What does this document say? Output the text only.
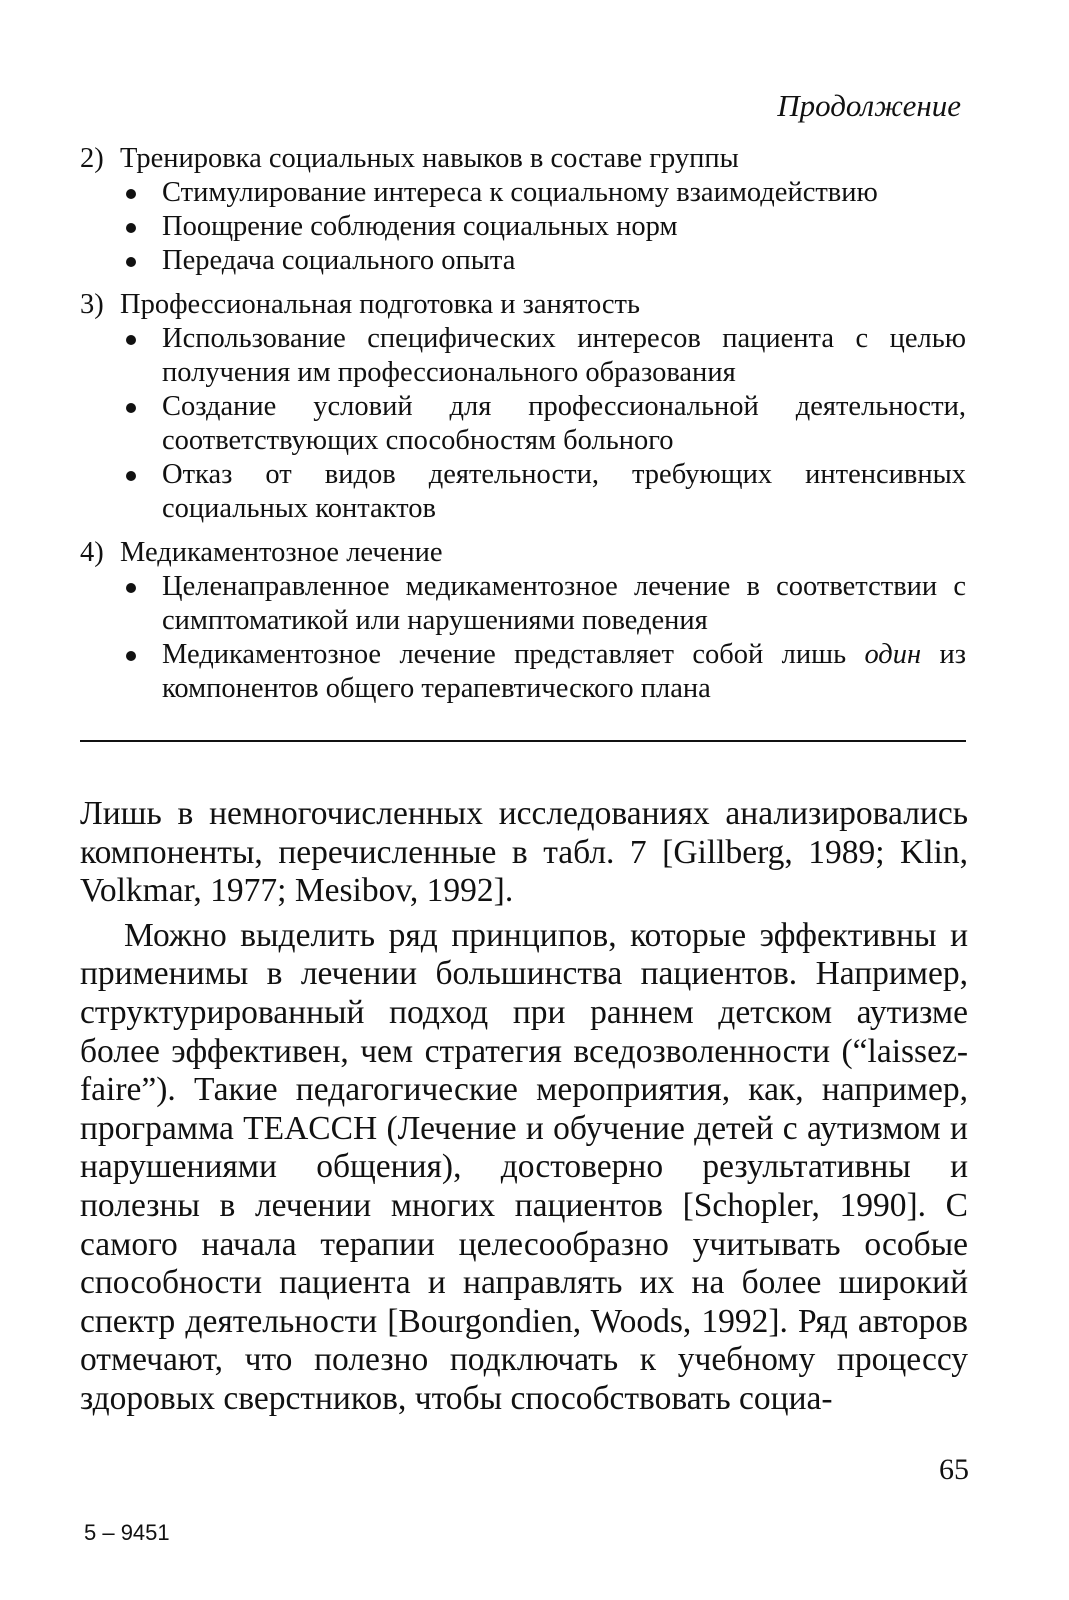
Продолжение
2) Тренировка социальных навыков в составе группы
Стимулирование интереса к социальному взаимодействию
Поощрение соблюдения социальных норм
Передача социального опыта
3) Профессиональная подготовка и занятость
Использование специфических интересов пациента с целью получения им профессионального образования
Создание условий для профессиональной деятельности, соответствующих способностям больного
Отказ от видов деятельности, требующих интенсивных социальных контактов
4) Медикаментозное лечение
Целенаправленное медикаментозное лечение в соответствии с симптоматикой или нарушениями поведения
Медикаментозное лечение представляет собой лишь один из компонентов общего терапевтического плана

Лишь в немногочисленных исследованиях анализировались компоненты, перечисленные в табл. 7 [Gillberg, 1989; Klin, Volkmar, 1977; Mesibov, 1992].

Можно выделить ряд принципов, которые эффективны и применимы в лечении большинства пациентов. Например, структурированный подход при раннем детском аутизме более эффективен, чем стратегия вседозволенности (“laissez-faire”). Такие педагогические мероприятия, как, например, программа TEACCH (Лечение и обучение детей с аутизмом и нарушениями общения), достоверно результативны и полезны в лечении многих пациентов [Schopler, 1990]. С самого начала терапии целесообразно учитывать особые способности пациента и направлять их на более широкий спектр деятельности [Bourgondien, Woods, 1992]. Ряд авторов отмечают, что полезно подключать к учебному процессу здоровых сверстников, чтобы способствовать социа-

65
5 – 9451
